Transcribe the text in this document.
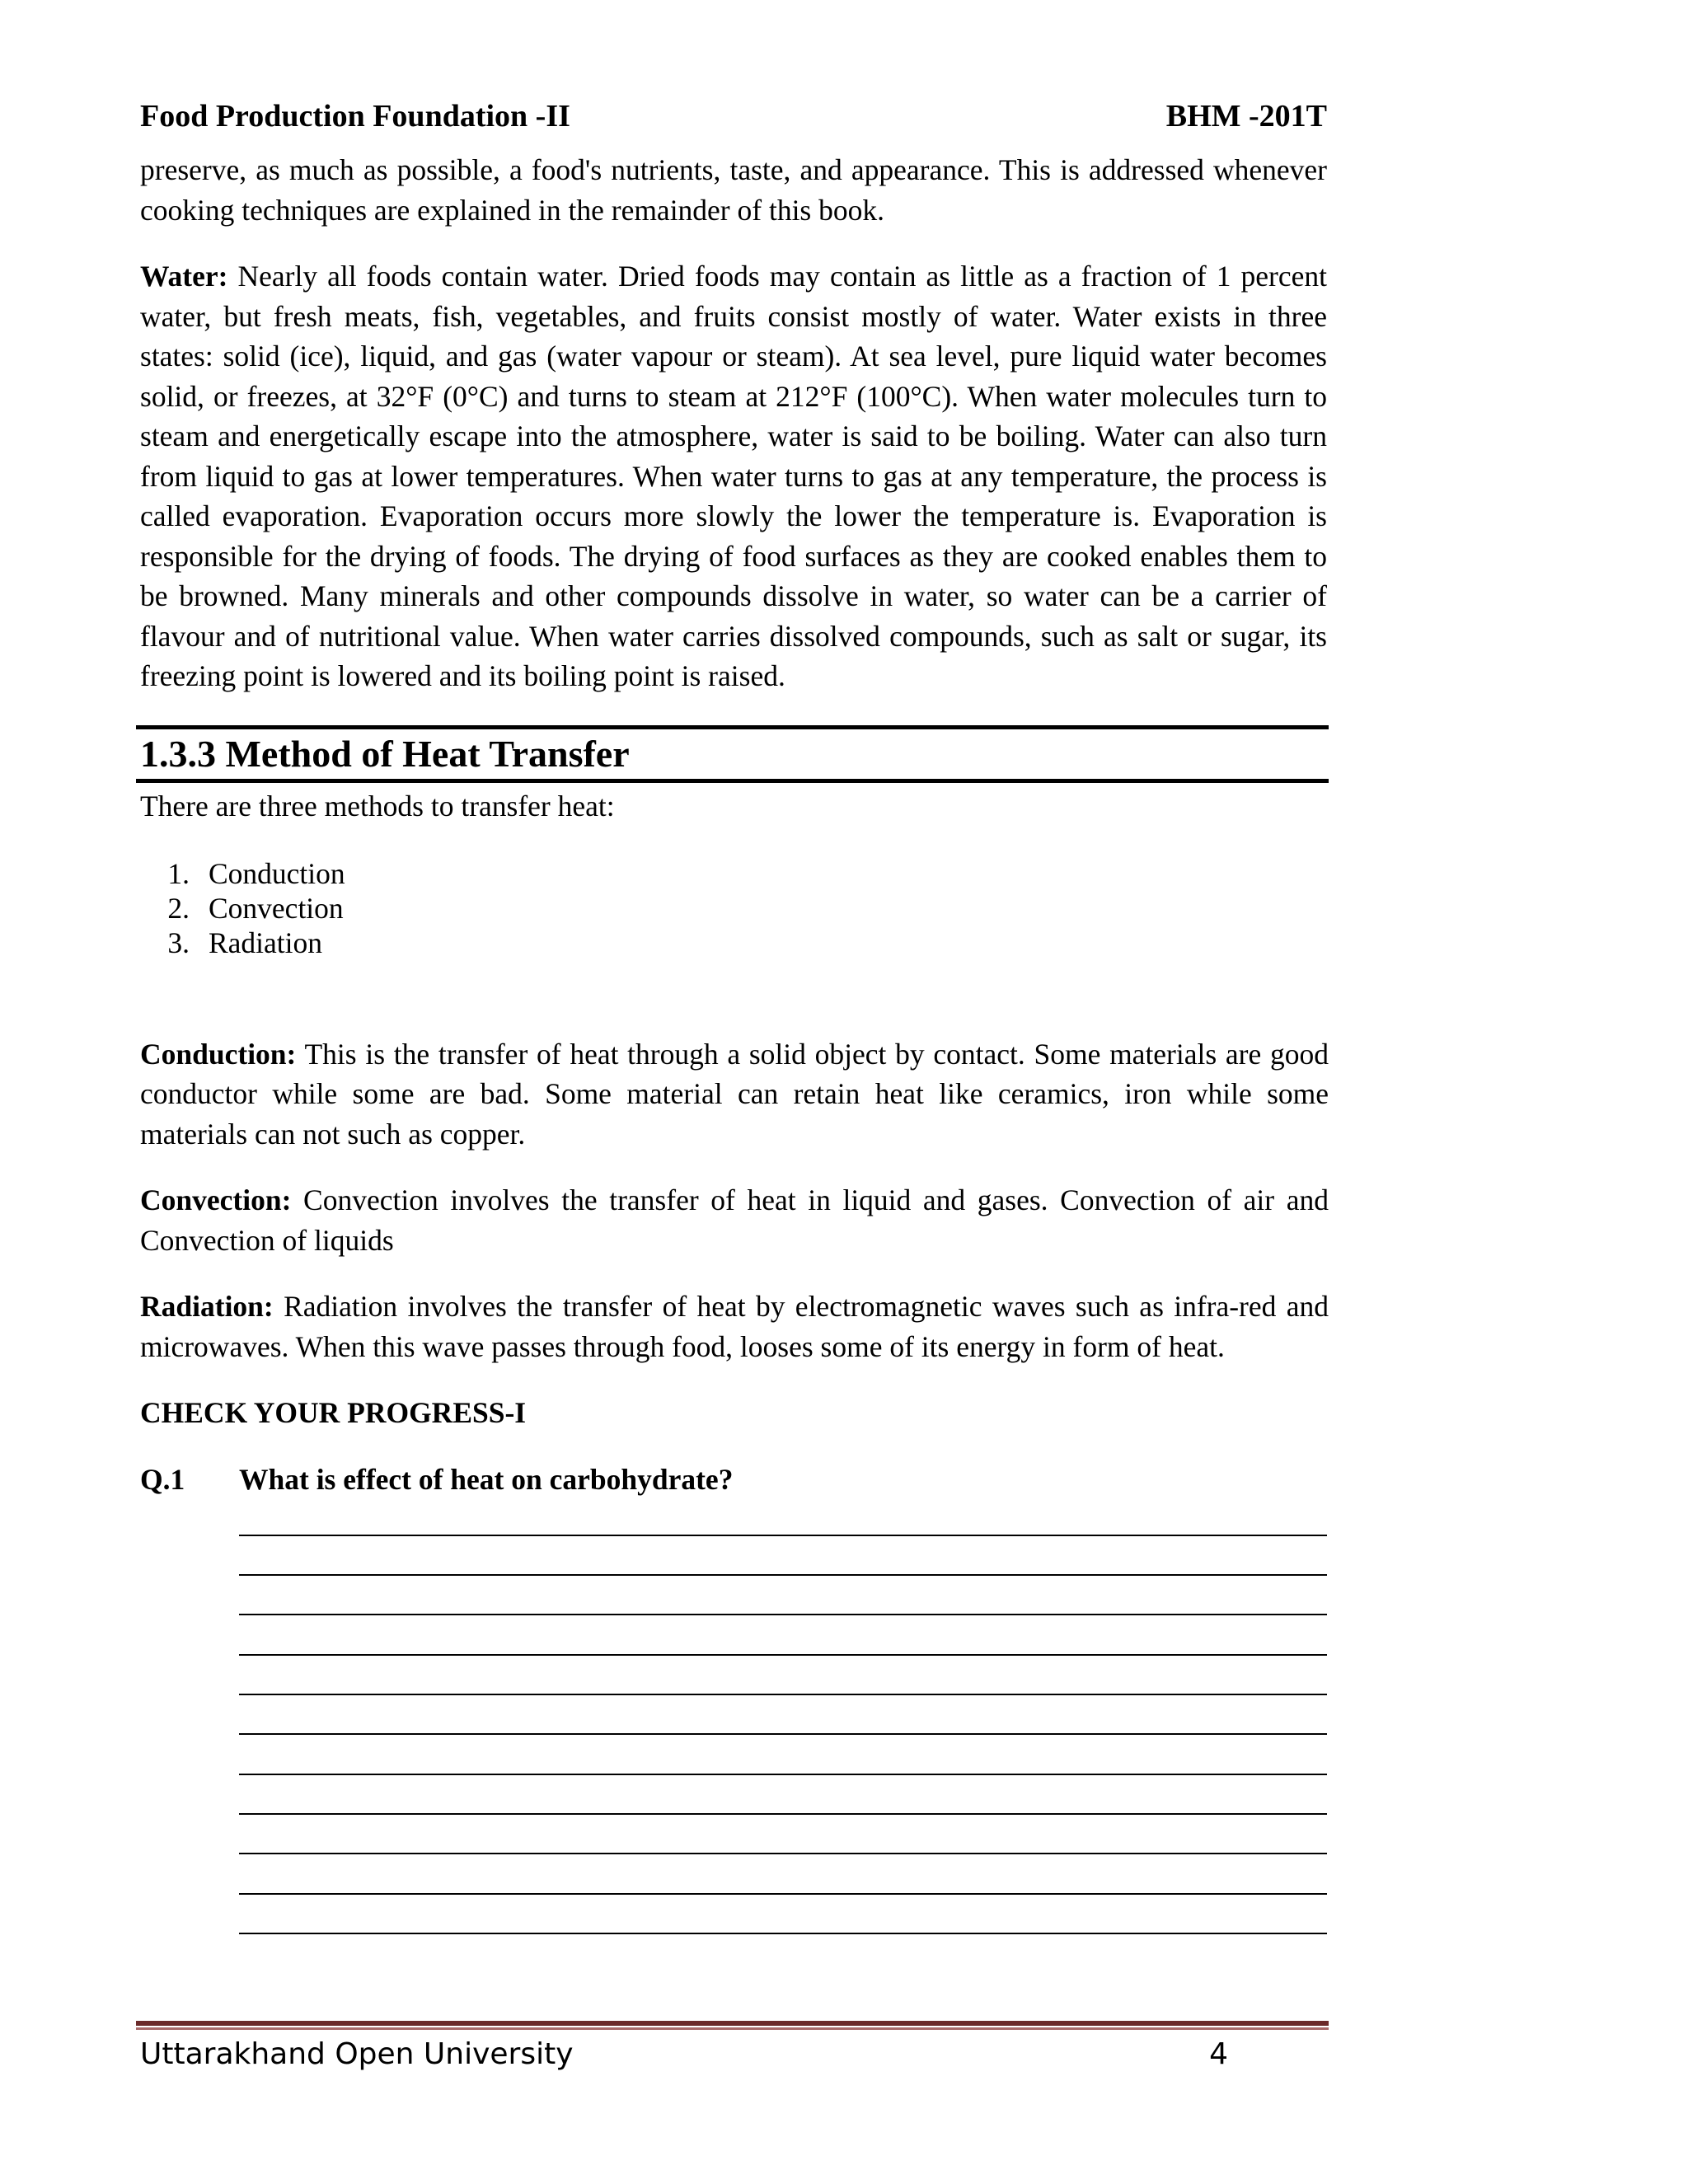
Food Production Foundation -II	BHM -201T

preserve, as much as possible, a food's nutrients, taste, and appearance. This is addressed whenever cooking techniques are explained in the remainder of this book.

Water: Nearly all foods contain water. Dried foods may contain as little as a fraction of 1 percent water, but fresh meats, fish, vegetables, and fruits consist mostly of water. Water exists in three states: solid (ice), liquid, and gas (water vapour or steam). At sea level, pure liquid water becomes solid, or freezes, at 32°F (0°C) and turns to steam at 212°F (100°C). When water molecules turn to steam and energetically escape into the atmosphere, water is said to be boiling. Water can also turn from liquid to gas at lower temperatures. When water turns to gas at any temperature, the process is called evaporation. Evaporation occurs more slowly the lower the temperature is. Evaporation is responsible for the drying of foods. The drying of food surfaces as they are cooked enables them to be browned. Many minerals and other compounds dissolve in water, so water can be a carrier of flavour and of nutritional value. When water carries dissolved compounds, such as salt or sugar, its freezing point is lowered and its boiling point is raised.

1.3.3 Method of Heat Transfer

There are three methods to transfer heat:

1. Conduction
2. Convection
3. Radiation

Conduction: This is the transfer of heat through a solid object by contact. Some materials are good conductor while some are bad. Some material can retain heat like ceramics, iron while some materials can not such as copper.

Convection: Convection involves the transfer of heat in liquid and gases. Convection of air and Convection of liquids

Radiation: Radiation involves the transfer of heat by electromagnetic waves such as infra-red and microwaves. When this wave passes through food, looses some of its energy in form of heat.

CHECK YOUR PROGRESS-I

Q.1	What is effect of heat on carbohydrate?
Uttarakhand Open University	4
